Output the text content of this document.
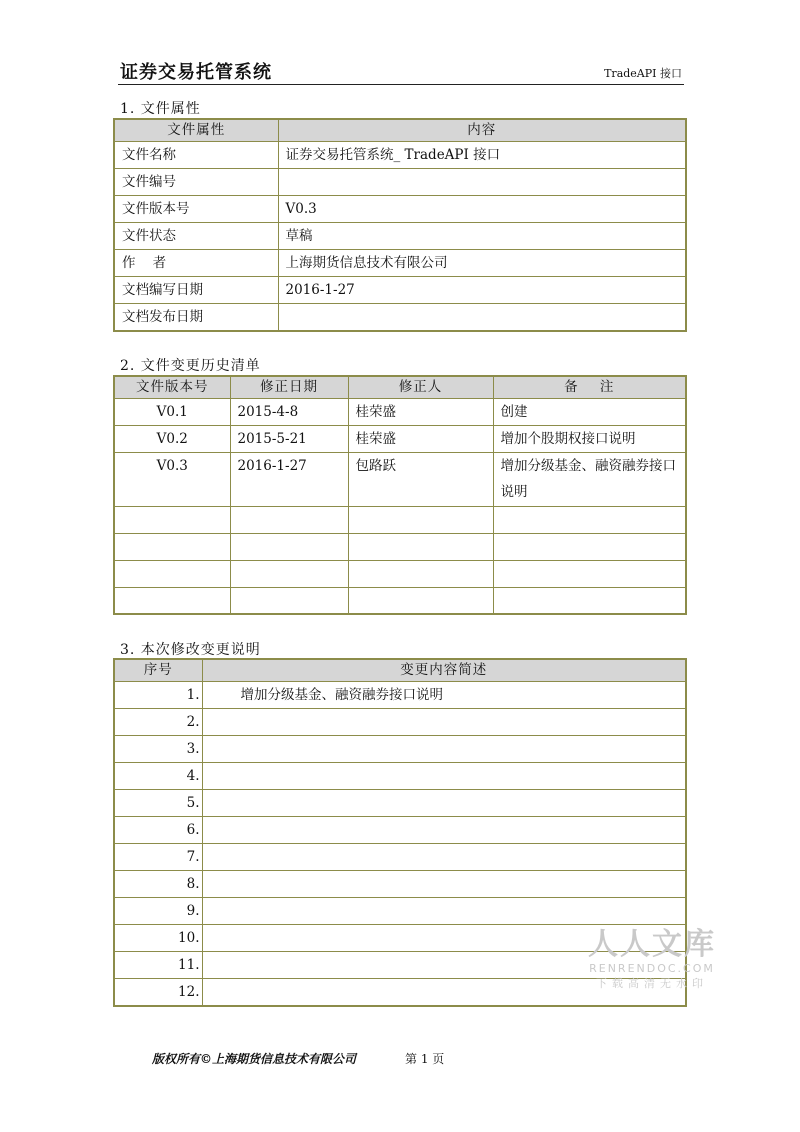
证券交易托管系统	TradeAPI 接口
1. 文件属性
文件属性	内容
文件名称	证券交易托管系统_ TradeAPI 接口
文件编号	
文件版本号	V0.3
文件状态	草稿
作    者	上海期货信息技术有限公司
文档编写日期	2016-1-27
文档发布日期	
2. 文件变更历史清单
文件版本号	修正日期	修正人	备    注
V0.1	2015-4-8	桂荣盛	创建
V0.2	2015-5-21	桂荣盛	增加个股期权接口说明
V0.3	2016-1-27	包路跃	增加分级基金、融资融券接口说明

3. 本次修改变更说明
序号	变更内容简述
1.	增加分级基金、融资融券接口说明
2.	
3.	
4.	
5.	
6.	
7.	
8.	
9.	
10.	
11.	
12.	
版权所有©上海期货信息技术有限公司	第 1 页
人人文库
RENRENDOC.COM
下载高清无水印
